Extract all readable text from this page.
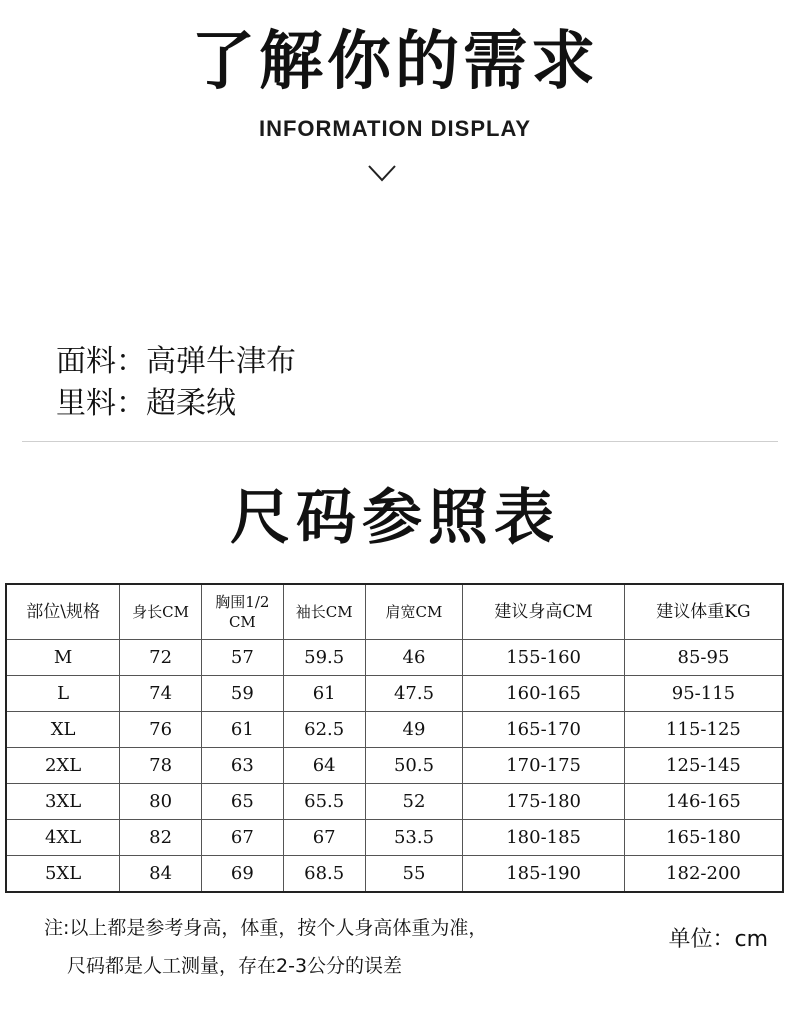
了解你的需求
INFORMATION DISPLAY
面料：高弹牛津布
里料：超柔绒
尺码参照表
部位\规格	身长CM	胸围1/2 CM	袖长CM	肩宽CM	建议身高CM	建议体重KG
M	72	57	59.5	46	155-160	85-95
L	74	59	61	47.5	160-165	95-115
XL	76	61	62.5	49	165-170	115-125
2XL	78	63	64	50.5	170-175	125-145
3XL	80	65	65.5	52	175-180	146-165
4XL	82	67	67	53.5	180-185	165-180
5XL	84	69	68.5	55	185-190	182-200
注:以上都是参考身高，体重，按个人身高体重为准，
尺码都是人工测量，存在2-3公分的误差
单位：cm
